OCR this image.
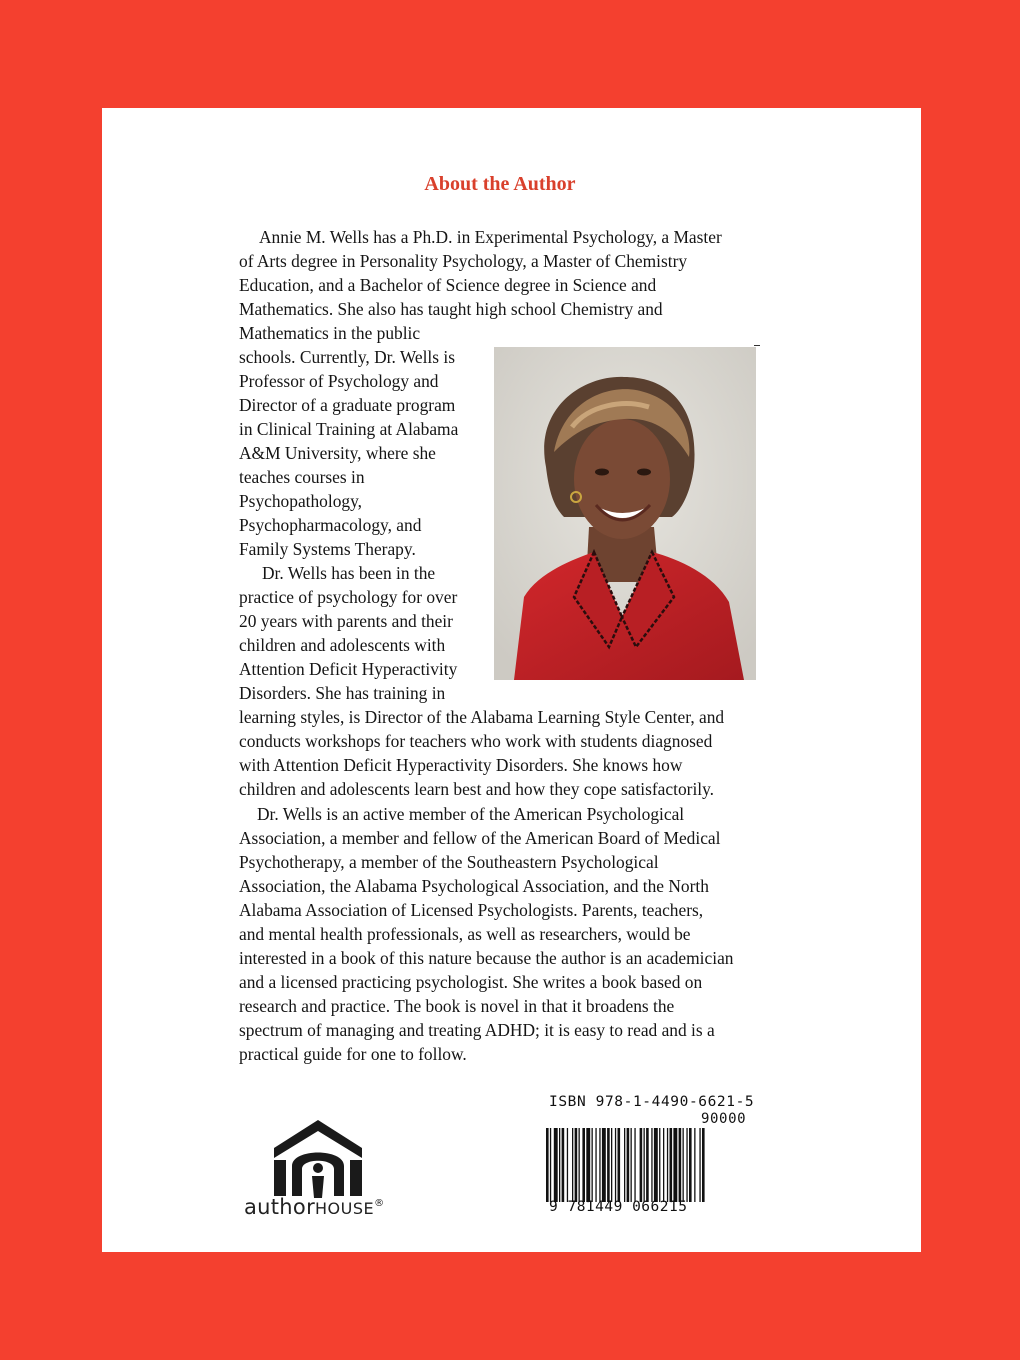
About the Author
Annie M. Wells has a Ph.D. in Experimental Psychology, a Master
of Arts degree in Personality Psychology, a Master of Chemistry
Education, and a Bachelor of Science degree in Science and
Mathematics. She also has taught high school Chemistry and
Mathematics in the public
schools. Currently, Dr. Wells is
Professor of Psychology and
Director of a graduate program
in Clinical Training at Alabama
A&M University, where she
teaches courses in
Psychopathology,
Psychopharmacology, and
Family Systems Therapy.
Dr. Wells has been in the
practice of psychology for over
20 years with parents and their
children and adolescents with
Attention Deficit Hyperactivity
Disorders. She has training in
learning styles, is Director of the Alabama Learning Style Center, and
conducts workshops for teachers who work with students diagnosed
with Attention Deficit Hyperactivity Disorders. She knows how
children and adolescents learn best and how they cope satisfactorily.
Dr. Wells is an active member of the American Psychological
Association, a member and fellow of the American Board of Medical
Psychotherapy, a member of the Southeastern Psychological
Association, the Alabama Psychological Association, and the North
Alabama Association of Licensed Psychologists. Parents, teachers,
and mental health professionals, as well as researchers, would be
interested in a book of this nature because the author is an academician
and a licensed practicing psychologist. She writes a book based on
research and practice. The book is novel in that it broadens the
spectrum of managing and treating ADHD; it is easy to read and is a
practical guide for one to follow.
authorHOUSE®
ISBN 978-1-4490-6621-5
90000
9 781449 066215
